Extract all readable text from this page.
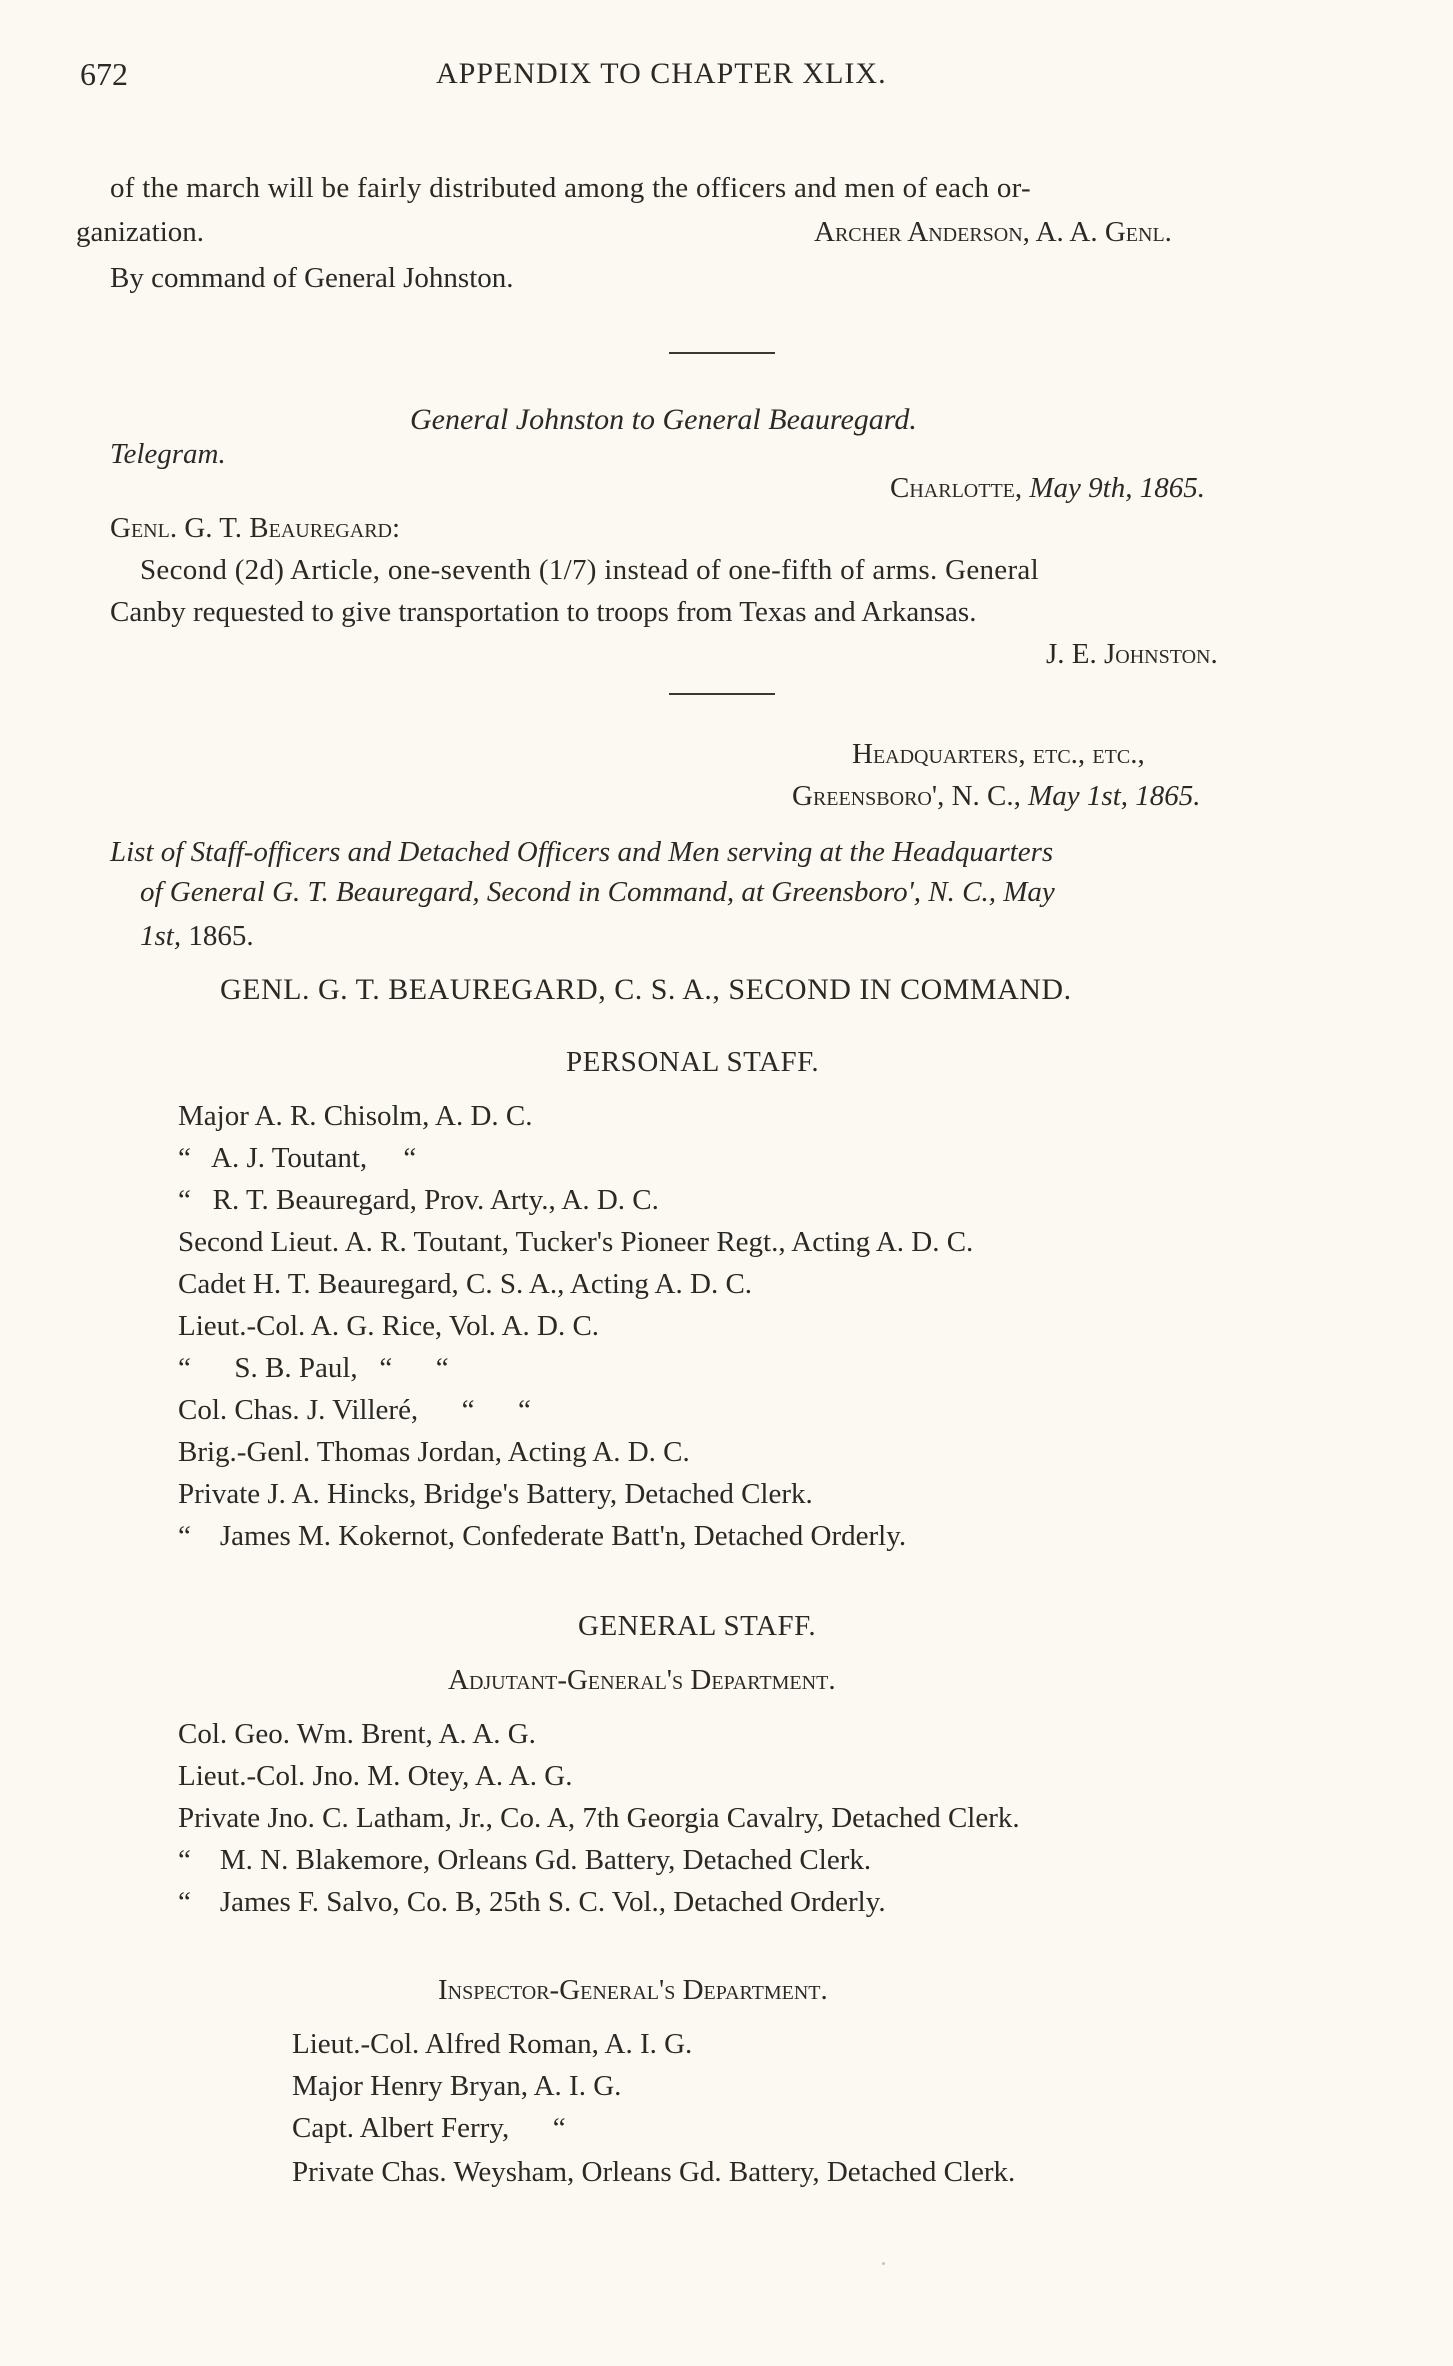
672	APPENDIX TO CHAPTER XLIX.
of the march will be fairly distributed among the officers and men of each or-
ganization.	Archer Anderson, A. A. Genl.
By command of General Johnston.
General Johnston to General Beauregard.
Telegram.
Charlotte, May 9th, 1865.
Genl. G. T. Beauregard:
Second (2d) Article, one-seventh (1/7) instead of one-fifth of arms. General
Canby requested to give transportation to troops from Texas and Arkansas.
J. E. Johnston.
Headquarters, etc., etc.,
Greensboro', N. C., May 1st, 1865.
List of Staff-officers and Detached Officers and Men serving at the Headquarters
of General G. T. Beauregard, Second in Command, at Greensboro', N. C., May
1st, 1865.
GENL. G. T. BEAUREGARD, C. S. A., SECOND IN COMMAND.
PERSONAL STAFF.
Major A. R. Chisolm, A. D. C.
“   A. J. Toutant,     “
“   R. T. Beauregard, Prov. Arty., A. D. C.
Second Lieut. A. R. Toutant, Tucker's Pioneer Regt., Acting A. D. C.
Cadet H. T. Beauregard, C. S. A., Acting A. D. C.
Lieut.-Col. A. G. Rice, Vol. A. D. C.
“      S. B. Paul,   “      “
Col. Chas. J. Villeré,      “      “
Brig.-Genl. Thomas Jordan, Acting A. D. C.
Private J. A. Hincks, Bridge's Battery, Detached Clerk.
“    James M. Kokernot, Confederate Batt'n, Detached Orderly.
GENERAL STAFF.
Adjutant-General's Department.
Col. Geo. Wm. Brent, A. A. G.
Lieut.-Col. Jno. M. Otey, A. A. G.
Private Jno. C. Latham, Jr., Co. A, 7th Georgia Cavalry, Detached Clerk.
“    M. N. Blakemore, Orleans Gd. Battery, Detached Clerk.
“    James F. Salvo, Co. B, 25th S. C. Vol., Detached Orderly.
Inspector-General's Department.
Lieut.-Col. Alfred Roman, A. I. G.
Major Henry Bryan, A. I. G.
Capt. Albert Ferry,      “
Private Chas. Weysham, Orleans Gd. Battery, Detached Clerk.
